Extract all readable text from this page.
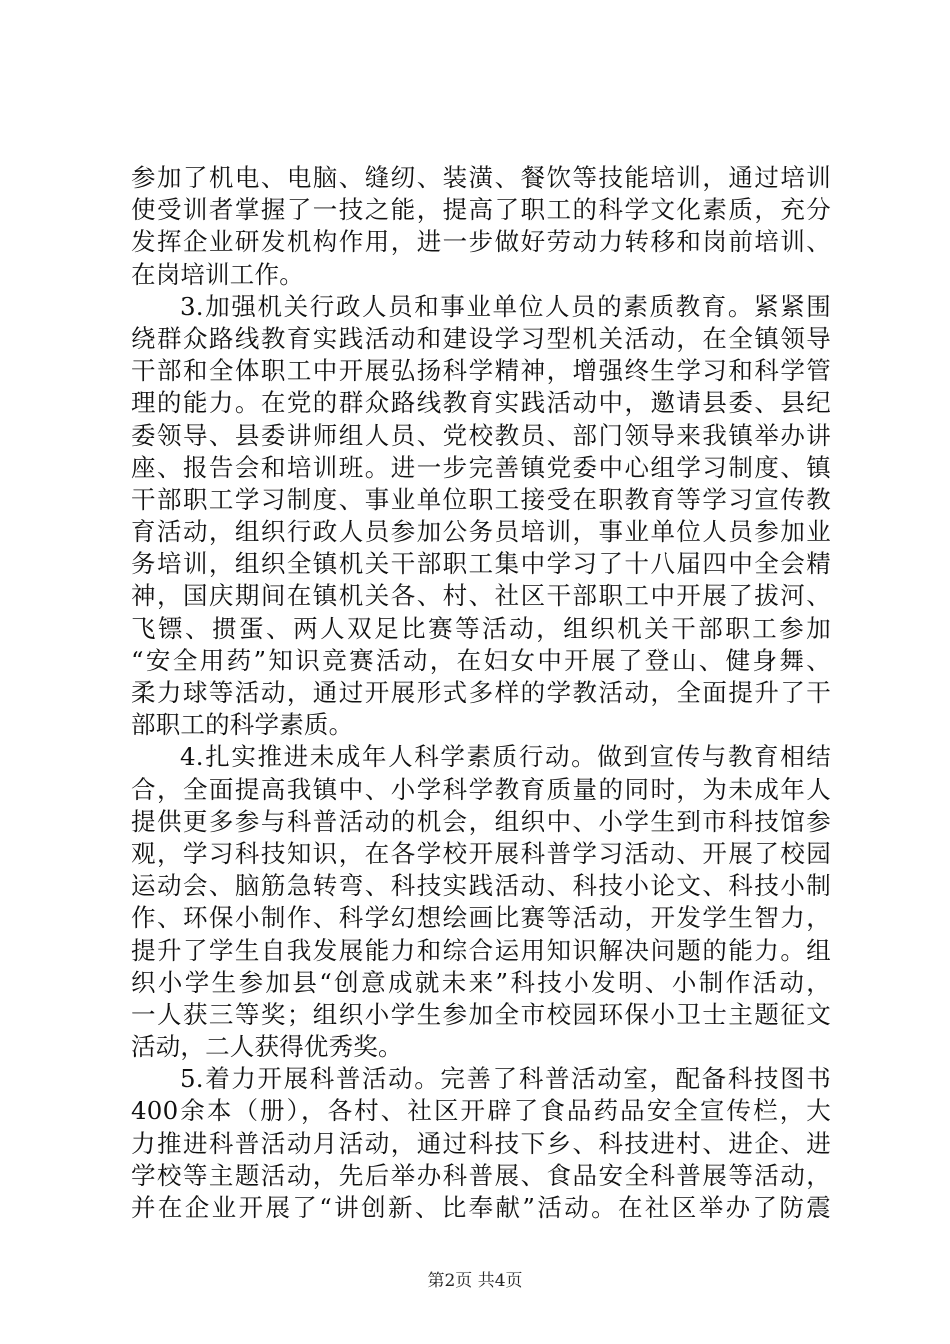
参加了机电、电脑、缝纫、装潢、餐饮等技能培训，通过培训
使受训者掌握了一技之能，提高了职工的科学文化素质，充分
发挥企业研发机构作用，进一步做好劳动力转移和岗前培训、
在岗培训工作。
3.加强机关行政人员和事业单位人员的素质教育。紧紧围
绕群众路线教育实践活动和建设学习型机关活动，在全镇领导
干部和全体职工中开展弘扬科学精神，增强终生学习和科学管
理的能力。在党的群众路线教育实践活动中，邀请县委、县纪
委领导、县委讲师组人员、党校教员、部门领导来我镇举办讲
座、报告会和培训班。进一步完善镇党委中心组学习制度、镇
干部职工学习制度、事业单位职工接受在职教育等学习宣传教
育活动，组织行政人员参加公务员培训，事业单位人员参加业
务培训，组织全镇机关干部职工集中学习了十八届四中全会精
神，国庆期间在镇机关各、村、社区干部职工中开展了拔河、
飞镖、掼蛋、两人双足比赛等活动，组织机关干部职工参加
“安全用药”知识竞赛活动，在妇女中开展了登山、健身舞、
柔力球等活动，通过开展形式多样的学教活动，全面提升了干
部职工的科学素质。
4.扎实推进未成年人科学素质行动。做到宣传与教育相结
合，全面提高我镇中、小学科学教育质量的同时，为未成年人
提供更多参与科普活动的机会，组织中、小学生到市科技馆参
观，学习科技知识，在各学校开展科普学习活动、开展了校园
运动会、脑筋急转弯、科技实践活动、科技小论文、科技小制
作、环保小制作、科学幻想绘画比赛等活动，开发学生智力，
提升了学生自我发展能力和综合运用知识解决问题的能力。组
织小学生参加县“创意成就未来”科技小发明、小制作活动，
一人获三等奖；组织小学生参加全市校园环保小卫士主题征文
活动，二人获得优秀奖。
5.着力开展科普活动。完善了科普活动室，配备科技图书
400余本（册），各村、社区开辟了食品药品安全宣传栏，大
力推进科普活动月活动，通过科技下乡、科技进村、进企、进
学校等主题活动，先后举办科普展、食品安全科普展等活动，
并在企业开展了“讲创新、比奉献”活动。在社区举办了防震
第2页 共4页
